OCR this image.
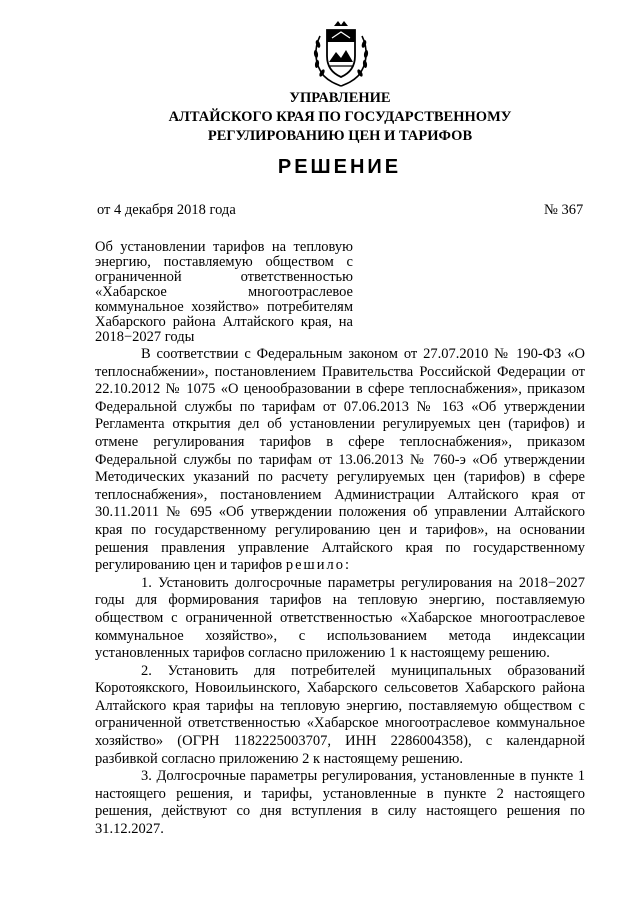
УПРАВЛЕНИЕ
АЛТАЙСКОГО КРАЯ ПО ГОСУДАРСТВЕННОМУ
РЕГУЛИРОВАНИЮ ЦЕН И ТАРИФОВ
РЕШЕНИЕ
от 4 декабря 2018 года	№ 367
Об установлении тарифов на тепловую энергию, поставляемую обществом с ограниченной ответственностью «Хабарское многоотраслевое коммунальное хозяйство» потребителям Хабарского района Алтайского края, на 2018−2027 годы

В соответствии с Федеральным законом от 27.07.2010 № 190-ФЗ «О теплоснабжении», постановлением Правительства Российской Федерации от 22.10.2012 № 1075 «О ценообразовании в сфере теплоснабжения», приказом Федеральной службы по тарифам от 07.06.2013 № 163 «Об утверждении Регламента открытия дел об установлении регулируемых цен (тарифов) и отмене регулирования тарифов в сфере теплоснабжения», приказом Федеральной службы по тарифам от 13.06.2013 № 760-э «Об утверждении Методических указаний по расчету регулируемых цен (тарифов) в сфере теплоснабжения», постановлением Администрации Алтайского края от 30.11.2011 № 695 «Об утверждении положения об управлении Алтайского края по государственному регулированию цен и тарифов», на основании решения правления управление Алтайского края по государственному регулированию цен и тарифов решило:

1. Установить долгосрочные параметры регулирования на 2018−2027 годы для формирования тарифов на тепловую энергию, поставляемую обществом с ограниченной ответственностью «Хабарское многоотраслевое коммунальное хозяйство», с использованием метода индексации установленных тарифов согласно приложению 1 к настоящему решению.

2. Установить для потребителей муниципальных образований Коротоякского, Новоильинского, Хабарского сельсоветов Хабарского района Алтайского края тарифы на тепловую энергию, поставляемую обществом с ограниченной ответственностью «Хабарское многоотраслевое коммунальное хозяйство» (ОГРН 1182225003707, ИНН 2286004358), с календарной разбивкой согласно приложению 2 к настоящему решению.

3. Долгосрочные параметры регулирования, установленные в пункте 1 настоящего решения, и тарифы, установленные в пункте 2 настоящего решения, действуют со дня вступления в силу настоящего решения по 31.12.2027.
